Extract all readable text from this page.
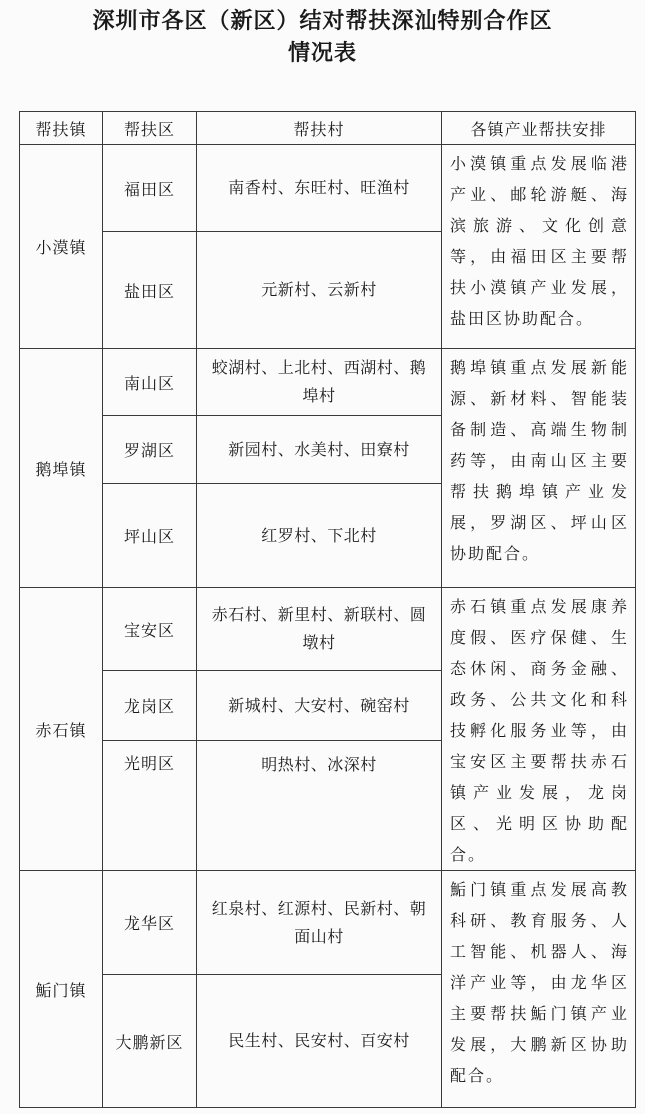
深圳市各区（新区）结对帮扶深汕特别合作区
情况表
帮扶镇	帮扶区	帮扶村	各镇产业帮扶安排
小漠镇	福田区	南香村、东旺村、旺渔村	小漠镇重点发展临港产业、邮轮游艇、海滨旅游、文化创意等，由福田区主要帮扶小漠镇产业发展，盐田区协助配合。
	盐田区	元新村、云新村	
鹅埠镇	南山区	蛟湖村、上北村、西湖村、鹅埠村	鹅埠镇重点发展新能源、新材料、智能装备制造、高端生物制药等，由南山区主要帮扶鹅埠镇产业发展，罗湖区、坪山区协助配合。
	罗湖区	新园村、水美村、田寮村	
	坪山区	红罗村、下北村	
赤石镇	宝安区	赤石村、新里村、新联村、圆墩村	赤石镇重点发展康养度假、医疗保健、生态休闲、商务金融、政务、公共文化和科技孵化服务业等，由宝安区主要帮扶赤石镇产业发展，龙岗区、光明区协助配合。
	龙岗区	新城村、大安村、碗窑村	
	光明区	明热村、冰深村	
鮜门镇	龙华区	红泉村、红源村、民新村、朝面山村	鮜门镇重点发展高教科研、教育服务、人工智能、机器人、海洋产业等，由龙华区主要帮扶鮜门镇产业发展，大鹏新区协助配合。
	大鹏新区	民生村、民安村、百安村	
